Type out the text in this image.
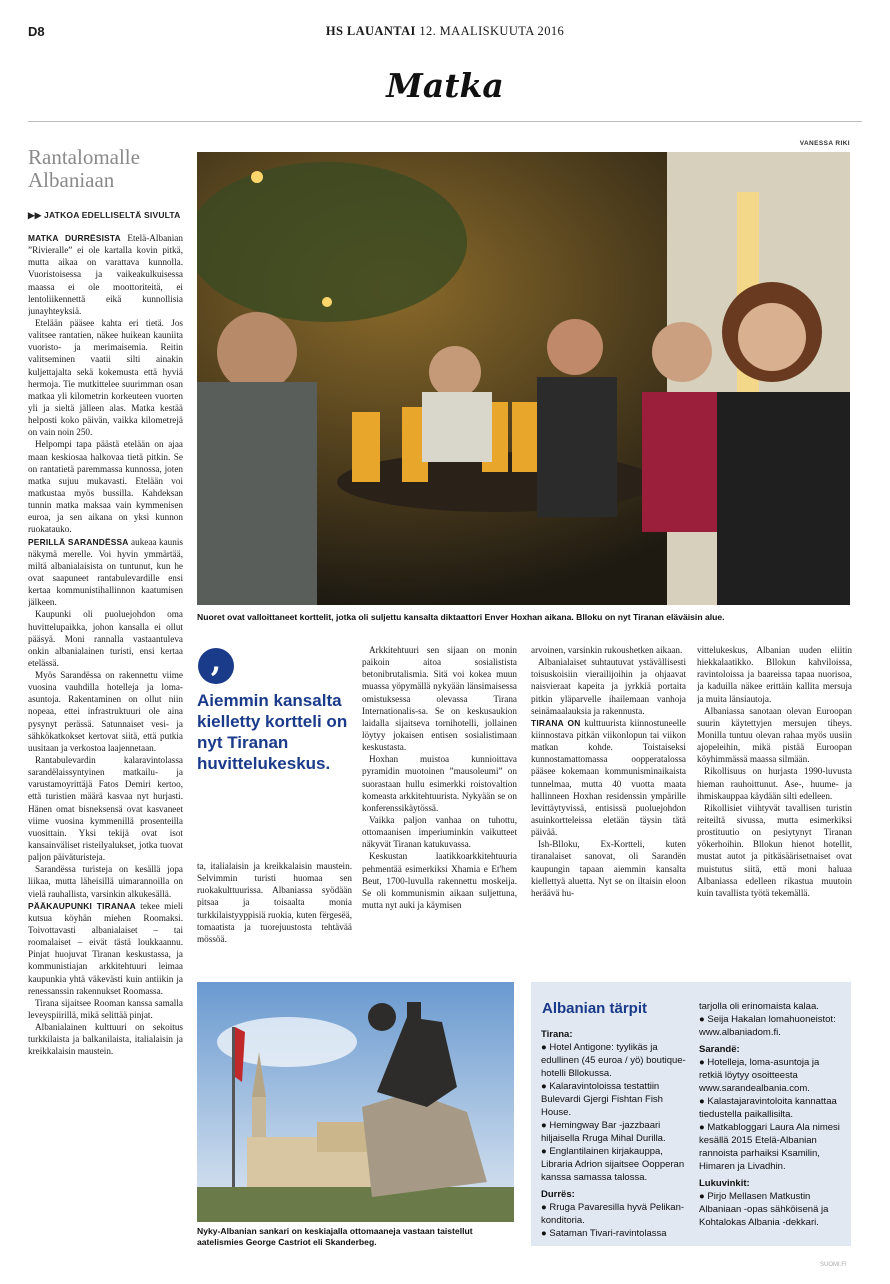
D8	HS LAUANTAI 12. MAALISKUUTA 2016
Matka
Rantalomalle Albaniaan
▶▶ JATKOA EDELLISELTÄ SIVULTA

MATKA DURRËSISTA Etelä-Albanian ”Rivieralle” ei ole kartalla kovin pitkä, mutta aikaa on varattava kunnolla. Vuoristoisessa ja vaikeakulkuisessa maassa ei ole moottoriteitä, ei lentoliikennettä eikä kunnollisia junayhteyksiä.

Etelään pääsee kahta eri tietä. Jos valitsee rantatien, näkee huikean kauniita vuoristo- ja merimaisemia. Reitin valitseminen vaatii silti ainakin kuljettajalta sekä kokemusta että hyviä hermoja. Tie mutkittelee suurimman osan matkaa yli kilometrin korkeuteen vuorten yli ja sieltä jälleen alas. Matka kestää helposti koko päivän, vaikka kilometrejä on vain noin 250.

Helpompi tapa päästä etelään on ajaa maan keskiosaa halkovaa tietä pitkin. Se on rantatietä paremmassa kunnossa, joten matka sujuu mukavasti. Etelään voi matkustaa myös bussilla. Kahdeksan tunnin matka maksaa vain kymmenisen euroa, ja sen aikana on yksi kunnon ruokatauko.

PERILLÄ SARANDËSSA aukeaa kaunis näkymä merelle. Voi hyvin ymmärtää, miltä albanialaisista on tuntunut, kun he ovat saapuneet rantabulevardille ensi kertaa kommunistihallinnon kaatumisen jälkeen.

Kaupunki oli puoluejohdon oma huvittelupaikka, johon kansalla ei ollut pääsyä. Moni rannalla vastaantuleva onkin albanialainen turisti, ensi kertaa etelässä.

Myös Sarandëssa on rakennettu viime vuosina vauhdilla hotelleja ja loma-asuntoja. Rakentaminen on ollut niin nopeaa, ettei infrastruktuuri ole aina pysynyt perässä. Satunnaiset vesi- ja sähkökatkokset kertovat siitä, että putkia uusitaan ja verkostoa laajennetaan.

Rantabulevardin kalaravintolassa sarandëlaissyntyinen matkailu- ja varustamoyrittäjä Fatos Demiri kertoo, että turistien määrä kasvaa nyt hurjasti. Hänen omat bisneksensä ovat kasvaneet viime vuosina kymmenillä prosenteilla vuosittain. Yksi tekijä ovat isot kansainväliset risteilyalukset, jotka tuovat paljon päiväturisteja.

Sarandëssa turisteja on kesällä jopa liikaa, mutta läheisillä uimarannoilla on vielä rauhallista, varsinkin alkukesällä.

PÄÄKAUPUNKI TIRANAA tekee mieli kutsua köyhän miehen Roomaksi. Toivottavasti albanialaiset – tai roomalaiset – eivät tästä loukkaannu. Pinjat huojuvat Tiranan keskustassa, ja kommunistiajan arkkitehtuuri leimaa kaupunkia yhtä väkevästi kuin antiikin ja renessanssin rakennukset Roomassa.

Tirana sijaitsee Rooman kanssa samalla leveyspiirillä, mikä selittää pinjat.

Albanialainen kulttuuri on sekoitus turkkilaista ja balkanilaista, italialaisin ja kreikkalaisin maustein.

VANESSA RIKI
Nuoret ovat valloittaneet korttelit, jotka oli suljettu kansalta diktaattori Enver Hoxhan aikana. Blloku on nyt Tiranan eläväisin alue.
,
Aiemmin kansalta kielletty kortteli on nyt Tiranan huvittelukeskus.

ta, italialaisin ja kreikkalaisin maustein. Selvimmin turisti huomaa sen ruokakulttuurissa. Albaniassa syödään pitsaa ja toisaalta monia turkkilaistyyppisiä ruokia, kuten fërgesëä, tomaatista ja tuorejuustosta tehtävää mössöä.

Arkkitehtuuri sen sijaan on monin paikoin aitoa sosialistista betonibrutalismia. Sitä voi kokea muun muassa yöpymällä nykyään länsimaisessa omistuksessa olevassa Tirana Internationalis-sa. Se on keskusaukion laidalla sijaitseva tornihotelli, jollainen löytyy jokaisen entisen sosialistimaan keskustasta.

Hoxhan muistoa kunnioittava pyramidin muotoinen ”mausoleumi” on suorastaan hullu esimerkki roistovaltion komeasta arkkitehtuurista. Nykyään se on konferenssikäytössä.

Vaikka paljon vanhaa on tuhottu, ottomaanisen imperiuminkin vaikutteet näkyvät Tiranan katukuvassa.

Keskustan laatikkoarkkitehtuuria pehmentää esimerkiksi Xhamia e Et'hem Beut, 1700-luvulla rakennettu moskeija. Se oli kommunismin aikaan suljettuna, mutta nyt auki ja käymisen

arvoinen, varsinkin rukoushetken aikaan.

Albanialaiset suhtautuvat ystävällisesti toisuskoisiin vierailijoihin ja ohjaavat naisvieraat kapeita ja jyrkkiä portaita pitkin yläparvelle ihailemaan vanhoja seinämaalauksia ja rakennusta.

TIRANA ON kulttuurista kiinnostuneelle kiinnostava pitkän viikonlopun tai viikon matkan kohde. Toistaiseksi kunnostamattomassa oopperatalossa pääsee kokemaan kommunisminaikaista tunnelmaa, mutta 40 vuotta maata hallinneen Hoxhan residenssin ympärille levittäytyvissä, entisissä puoluejohdon asuinkortteleissa eletään täysin tätä päivää.

Ish-Blloku, Ex-Kortteli, kuten tiranalaiset sanovat, oli Sarandën kaupungin tapaan aiemmin kansalta kiellettyä aluetta. Nyt se on iltaisin eloon heräävä hu-

vittelukeskus, Albanian uuden eliitin hiekkalaatikko. Bllokun kahviloissa, ravintoloissa ja baareissa tapaa nuorisoa, ja kaduilla näkee erittäin kallita mersuja ja muita länsiautoja.

Albaniassa sanotaan olevan Euroopan suurin käytettyjen mersujen tiheys. Monilla tuntuu olevan rahaa myös uusiin ajopeleihin, mikä pistää Euroopan köyhimmässä maassa silmään.

Rikollisuus on hurjasta 1990-luvusta hieman rauhoittunut. Ase-, huume- ja ihmiskauppaa käydään silti edelleen.

Rikollisiet viihtyvät tavallisen turistin reiteiltä sivussa, mutta esimerkiksi prostituutio on pesiytynyt Tiranan yökerhoihin. Bllokun hienot hotellit, mustat autot ja pitkäsäärisetnaiset ovat muistutus siitä, että moni haluaa Albaniassa edelleen rikastua muutoin kuin tavallista työtä tekemällä.

Nyky-Albanian sankari on keskiajalla ottomaaneja vastaan taistellut aatelismies George Castriot eli Skanderbeg.
Albanian tärpit
Tirana:
● Hotel Antigone: tyylikäs ja edullinen (45 euroa / yö) boutique-hotelli Bllokussa.
● Kalaravintoloissa testattiin Bulevardi Gjergi Fishtan Fish House.
● Hemingway Bar -jazzbaari hiljaisella Rruga Mihal Durilla.
● Englantilainen kirjakauppa, Libraria Adrion sijaitsee Oopperan kanssa samassa talossa.
Durrës:
● Rruga Pavaresilla hyvä Pelikan-konditoria.
● Sataman Tivari-ravintolassa
tarjolla oli erinomaista kalaa.
● Seija Hakalan lomahuoneistot: www.albaniadom.fi.
Sarandë:
● Hotelleja, loma-asuntoja ja retkiä löytyy osoitteesta www.sarandealbania.com.
● Kalastajaravintoloita kannattaa tiedustella paikallisilta.
● Matkabloggari Laura Ala nimesi kesällä 2015 Etelä-Albanian rannoista parhaiksi Ksamilin, Himaren ja Livadhin.
Lukuvinkit:
● Pirjo Mellasen Matkustin Albaniaan -opas sähköisenä ja Kohtalokas Albania -dekkari.
SUOMI.FI
